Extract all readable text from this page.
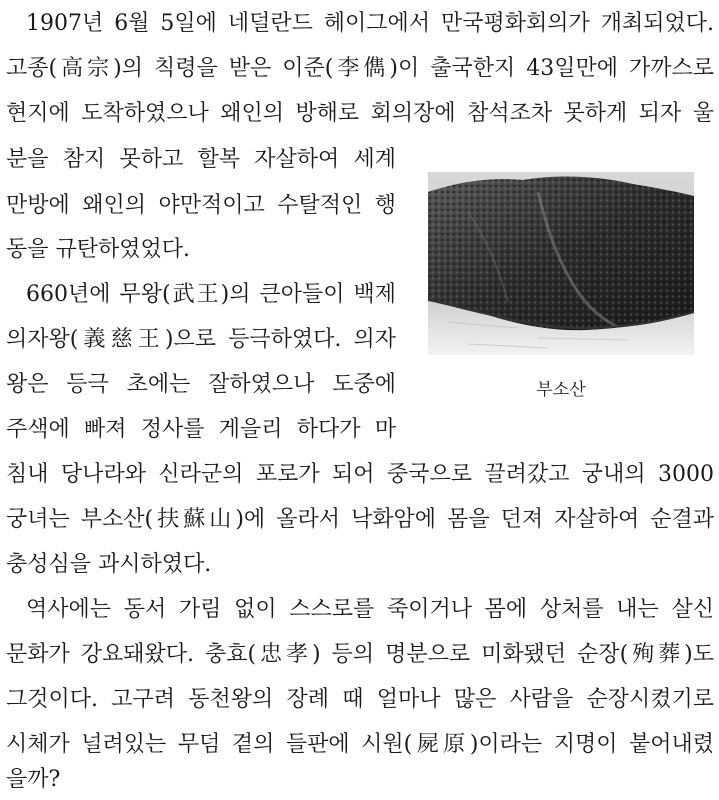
1907년 6월 5일에 네덜란드 헤이그에서 만국평화회의가 개최되었다.
고종(高宗)의 칙령을 받은 이준(李儁)이 출국한지 43일만에 가까스로
현지에 도착하였으나 왜인의 방해로 회의장에 참석조차 못하게 되자 울
분을 참지 못하고 할복 자살하여 세계
만방에 왜인의 야만적이고 수탈적인 행
동을 규탄하였었다.
660년에 무왕(武王)의 큰아들이 백제
의자왕(義慈王)으로 등극하였다. 의자
왕은 등극 초에는 잘하였으나 도중에
주색에 빠져 정사를 게을리 하다가 마
침내 당나라와 신라군의 포로가 되어 중국으로 끌려갔고 궁내의 3000
궁녀는 부소산(扶蘇山)에 올라서 낙화암에 몸을 던져 자살하여 순결과
충성심을 과시하였다.
역사에는 동서 가림 없이 스스로를 죽이거나 몸에 상처를 내는 살신
문화가 강요돼왔다. 충효(忠孝) 등의 명분으로 미화됐던 순장(殉葬)도
그것이다. 고구려 동천왕의 장례 때 얼마나 많은 사람을 순장시켰기로
시체가 널려있는 무덤 곁의 들판에 시원(屍原)이라는 지명이 붙어내렸
을까?
부소산
